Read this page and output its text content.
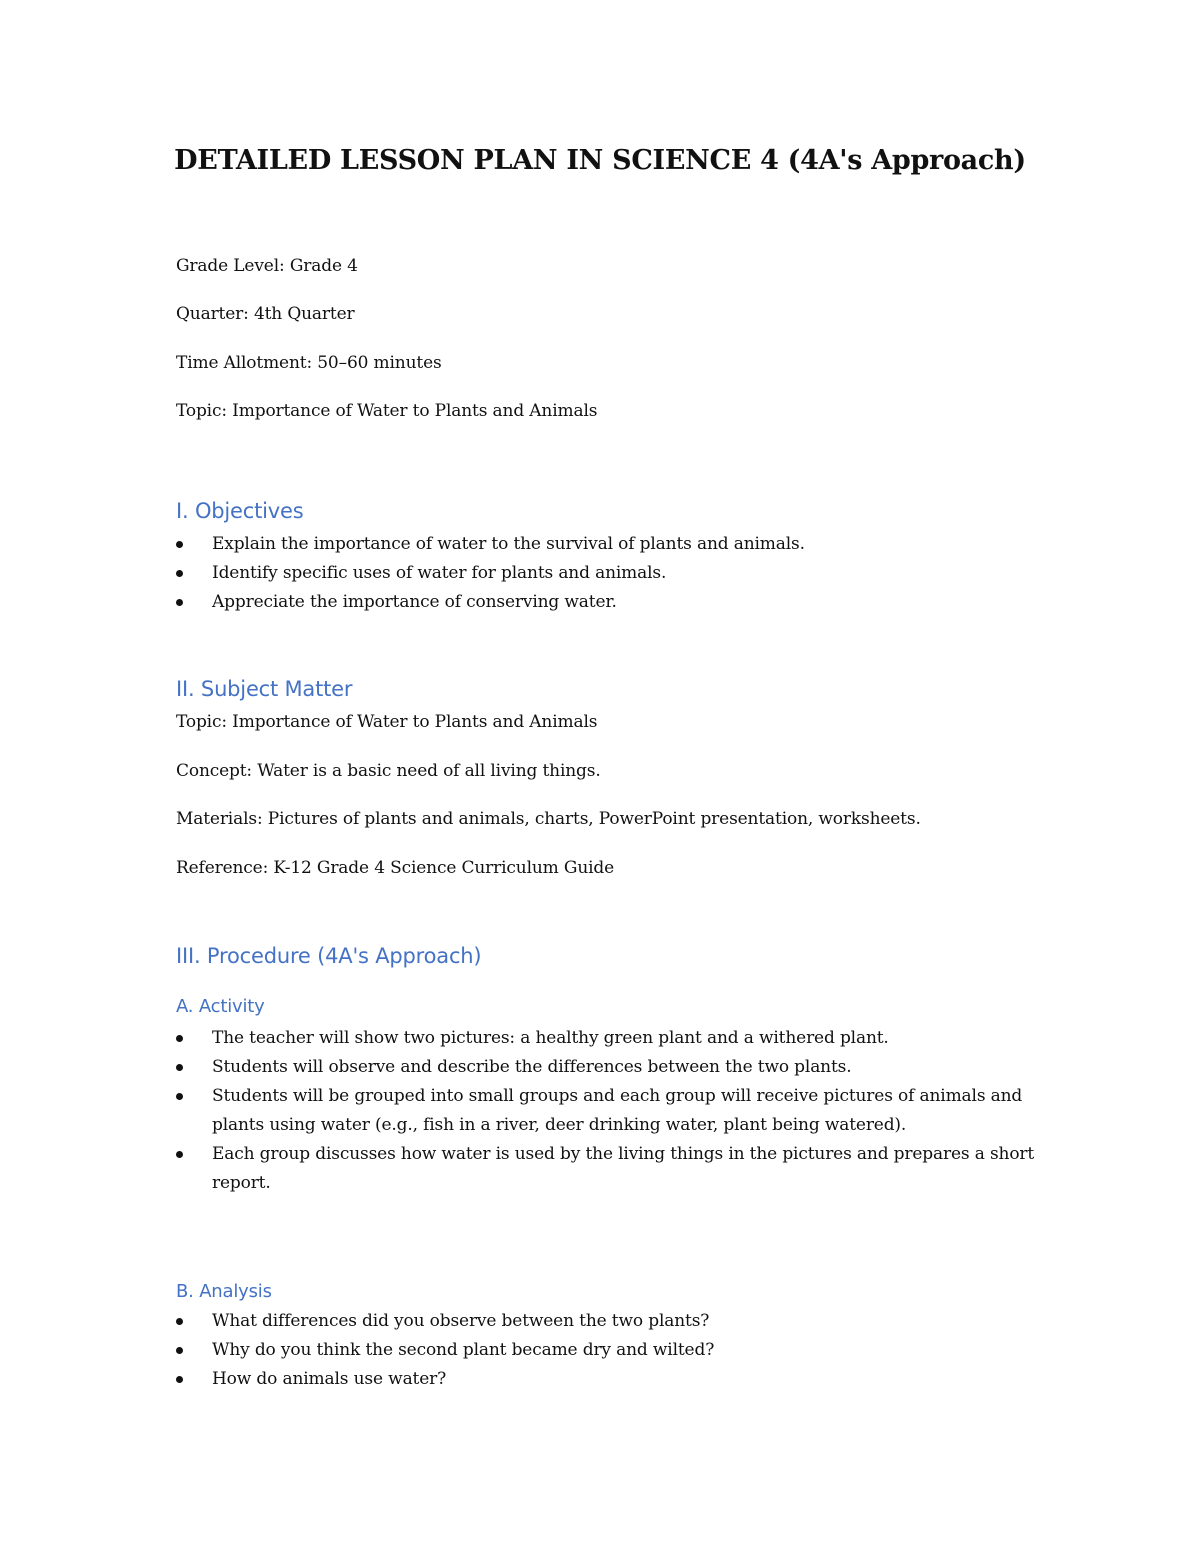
DETAILED LESSON PLAN IN SCIENCE 4 (4A's Approach)
Grade Level: Grade 4
Quarter: 4th Quarter
Time Allotment: 50–60 minutes
Topic: Importance of Water to Plants and Animals
I. Objectives
Explain the importance of water to the survival of plants and animals.
Identify specific uses of water for plants and animals.
Appreciate the importance of conserving water.
II. Subject Matter
Topic: Importance of Water to Plants and Animals
Concept: Water is a basic need of all living things.
Materials: Pictures of plants and animals, charts, PowerPoint presentation, worksheets.
Reference: K-12 Grade 4 Science Curriculum Guide
III. Procedure (4A's Approach)
A. Activity
The teacher will show two pictures: a healthy green plant and a withered plant.
Students will observe and describe the differences between the two plants.
Students will be grouped into small groups and each group will receive pictures of animals and plants using water (e.g., fish in a river, deer drinking water, plant being watered).
Each group discusses how water is used by the living things in the pictures and prepares a short report.
B. Analysis
What differences did you observe between the two plants?
Why do you think the second plant became dry and wilted?
How do animals use water?
